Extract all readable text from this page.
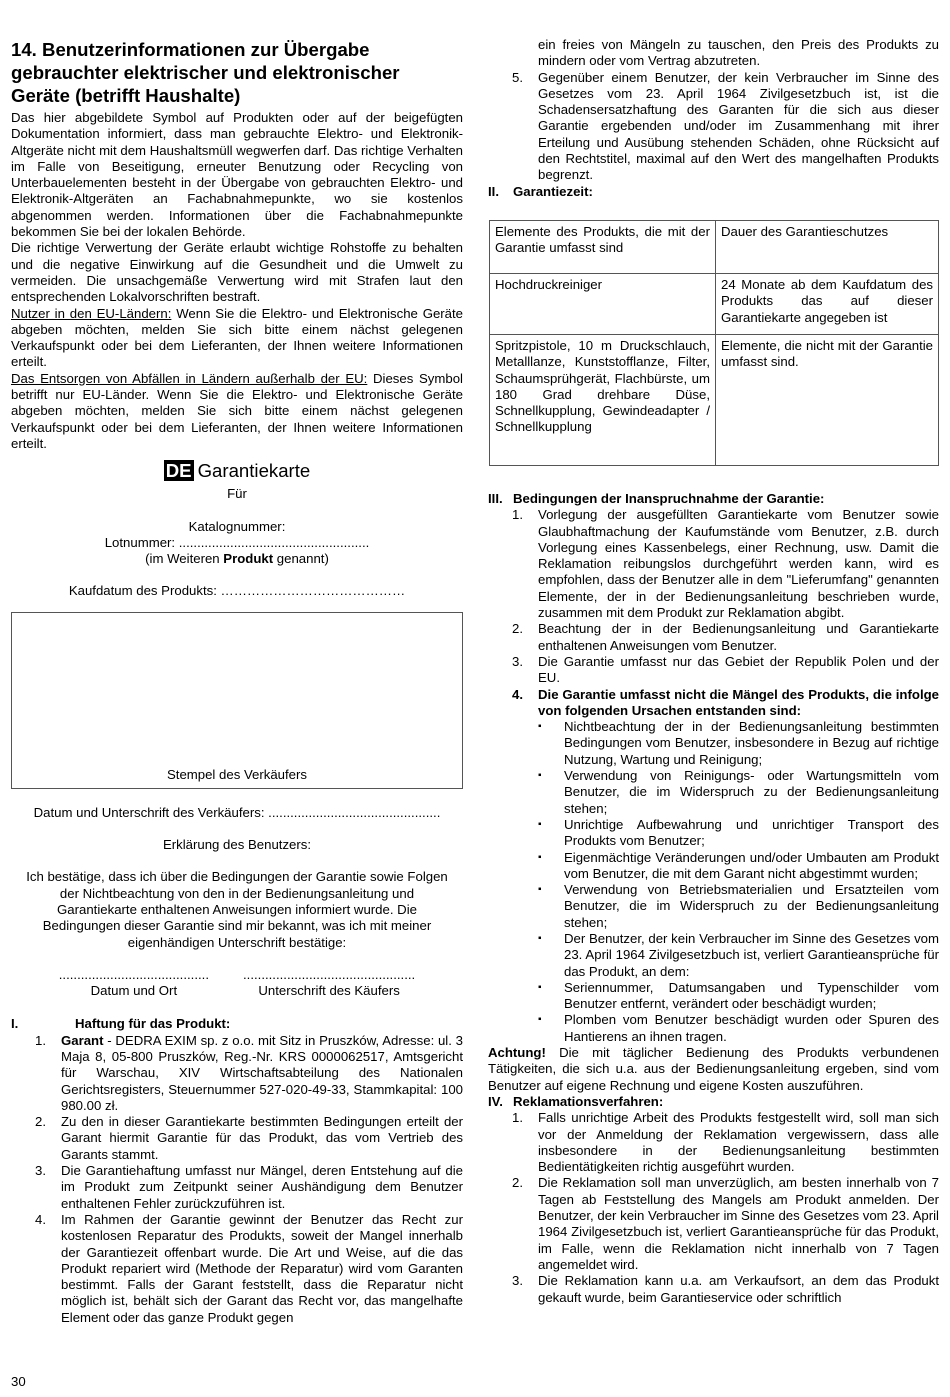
14. Benutzerinformationen zur Übergabe gebrauchter elektrischer und elektronischer Geräte (betrifft Haushalte)

Das hier abgebildete Symbol auf Produkten oder auf der beigefügten Dokumentation informiert, dass man gebrauchte Elektro- und Elektronik-Altgeräte nicht mit dem Haushaltsmüll wegwerfen darf. Das richtige Verhalten im Falle von Beseitigung, erneuter Benutzung oder Recycling von Unterbauelementen besteht in der Übergabe von gebrauchten Elektro- und Elektronik-Altgeräten an Fachabnahmepunkte, wo sie kostenlos abgenommen werden. Informationen über die Fachabnahmepunkte bekommen Sie bei der lokalen Behörde.

Die richtige Verwertung der Geräte erlaubt wichtige Rohstoffe zu behalten und die negative Einwirkung auf die Gesundheit und die Umwelt zu vermeiden. Die unsachgemäße Verwertung wird mit Strafen laut den entsprechenden Lokalvorschriften bestraft.

Nutzer in den EU-Ländern: Wenn Sie die Elektro- und Elektronische Geräte abgeben möchten, melden Sie sich bitte einem nächst gelegenen Verkaufspunkt oder bei dem Lieferanten, der Ihnen weitere Informationen erteilt.

Das Entsorgen von Abfällen in Ländern außerhalb der EU: Dieses Symbol betrifft nur EU-Länder. Wenn Sie die Elektro- und Elektronische Geräte abgeben möchten, melden Sie sich bitte einem nächst gelegenen Verkaufspunkt oder bei dem Lieferanten, der Ihnen weitere Informationen erteilt.

DE Garantiekarte

Für

Katalognummer:

Lotnummer: ....................................................

(im Weiteren Produkt genannt)

Kaufdatum des Produkts: ……………………………………

Stempel des Verkäufers

Datum und Unterschrift des Verkäufers: ...............................................

Erklärung des Benutzers:

Ich bestätige, dass ich über die Bedingungen der Garantie sowie Folgen der Nichtbeachtung von den in der Bedienungsanleitung und Garantiekarte enthaltenen Anweisungen informiert wurde. Die Bedingungen dieser Garantie sind mir bekannt, was ich mit meiner eigenhändigen Unterschrift bestätige:

.........................................
Datum und Ort
...............................................
Unterschrift des Käufers
I.	Haftung für das Produkt:
1.	Garant - DEDRA EXIM sp. z o.o. mit Sitz in Pruszków, Adresse: ul. 3 Maja 8, 05-800 Pruszków, Reg.-Nr. KRS 0000062517, Amtsgericht für Warschau, XIV Wirtschaftsabteilung des Nationalen Gerichtsregisters, Steuernummer 527-020-49-33, Stammkapital: 100 980.00 zł.
2.	Zu den in dieser Garantiekarte bestimmten Bedingungen erteilt der Garant hiermit Garantie für das Produkt, das vom Vertrieb des Garants stammt.
3.	Die Garantiehaftung umfasst nur Mängel, deren Entstehung auf die im Produkt zum Zeitpunkt seiner Aushändigung dem Benutzer enthaltenen Fehler zurückzuführen ist.
4.	Im Rahmen der Garantie gewinnt der Benutzer das Recht zur kostenlosen Reparatur des Produkts, soweit der Mangel innerhalb der Garantiezeit offenbart wurde. Die Art und Weise, auf die das Produkt repariert wird (Methode der Reparatur) wird vom Garanten bestimmt. Falls der Garant feststellt, dass die Reparatur nicht möglich ist, behält sich der Garant das Recht vor, das mangelhafte Element oder das ganze Produkt gegen
ein freies von Mängeln zu tauschen, den Preis des Produkts zu mindern oder vom Vertrag abzutreten.
5.	Gegenüber einem Benutzer, der kein Verbraucher im Sinne des Gesetzes vom 23. April 1964 Zivilgesetzbuch ist, ist die Schadensersatzhaftung des Garanten für die sich aus dieser Garantie ergebenden und/oder im Zusammenhang mit ihrer Erteilung und Ausübung stehenden Schäden, ohne Rücksicht auf den Rechtstitel, maximal auf den Wert des mangelhaften Produkts begrenzt.
II.	Garantiezeit:
Elemente des Produkts, die mit der Garantie umfasst sind	Dauer des Garantieschutzes
Hochdruckreiniger	24 Monate ab dem Kaufdatum des Produkts das auf dieser Garantiekarte angegeben ist
Spritzpistole, 10 m Druckschlauch, Metalllanze, Kunststofflanze, Filter, Schaumsprühgerät, Flachbürste, um 180 Grad drehbare Düse, Schnellkupplung, Gewindeadapter / Schnellkupplung	Elemente, die nicht mit der Garantie umfasst sind.
III. Bedingungen der Inanspruchnahme der Garantie:
1.	Vorlegung der ausgefüllten Garantiekarte vom Benutzer sowie Glaubhaftmachung der Kaufumstände vom Benutzer, z.B. durch Vorlegung eines Kassenbelegs, einer Rechnung, usw. Damit die Reklamation reibungslos durchgeführt werden kann, wird es empfohlen, dass der Benutzer alle in dem "Lieferumfang" genannten Elemente, der in der Bedienungsanleitung beschrieben wurde, zusammen mit dem Produkt zur Reklamation abgibt.
2.	Beachtung der in der Bedienungsanleitung und Garantiekarte enthaltenen Anweisungen vom Benutzer.
3.	Die Garantie umfasst nur das Gebiet der Republik Polen und der EU.
4.	Die Garantie umfasst nicht die Mängel des Produkts, die infolge von folgenden Ursachen entstanden sind:
▪	Nichtbeachtung der in der Bedienungsanleitung bestimmten Bedingungen vom Benutzer, insbesondere in Bezug auf richtige Nutzung, Wartung und Reinigung;
▪	Verwendung von Reinigungs- oder Wartungsmitteln vom Benutzer, die im Widerspruch zu der Bedienungsanleitung stehen;
▪	Unrichtige Aufbewahrung und unrichtiger Transport des Produkts vom Benutzer;
▪	Eigenmächtige Veränderungen und/oder Umbauten am Produkt vom Benutzer, die mit dem Garant nicht abgestimmt wurden;
▪	Verwendung von Betriebsmaterialien und Ersatzteilen vom Benutzer, die im Widerspruch zu der Bedienungsanleitung stehen;
▪	Der Benutzer, der kein Verbraucher im Sinne des Gesetzes vom 23. April 1964 Zivilgesetzbuch ist, verliert Garantieansprüche für das Produkt, an dem:
▪	Seriennummer, Datumsangaben und Typenschilder vom Benutzer entfernt, verändert oder beschädigt wurden;
▪	Plomben vom Benutzer beschädigt wurden oder Spuren des Hantierens an ihnen tragen.

Achtung! Die mit täglicher Bedienung des Produkts verbundenen Tätigkeiten, die sich u.a. aus der Bedienungsanleitung ergeben, sind vom Benutzer auf eigene Rechnung und eigene Kosten auszuführen.

IV. Reklamationsverfahren:
1.	Falls unrichtige Arbeit des Produkts festgestellt wird, soll man sich vor der Anmeldung der Reklamation vergewissern, dass alle insbesondere in der Bedienungsanleitung bestimmten Bedientätigkeiten richtig ausgeführt wurden.
2.	Die Reklamation soll man unverzüglich, am besten innerhalb von 7 Tagen ab Feststellung des Mangels am Produkt anmelden. Der Benutzer, der kein Verbraucher im Sinne des Gesetzes vom 23. April 1964 Zivilgesetzbuch ist, verliert Garantieansprüche für das Produkt, im Falle, wenn die Reklamation nicht innerhalb von 7 Tagen angemeldet wird.
3.	Die Reklamation kann u.a. am Verkaufsort, an dem das Produkt gekauft wurde, beim Garantieservice oder schriftlich
30
